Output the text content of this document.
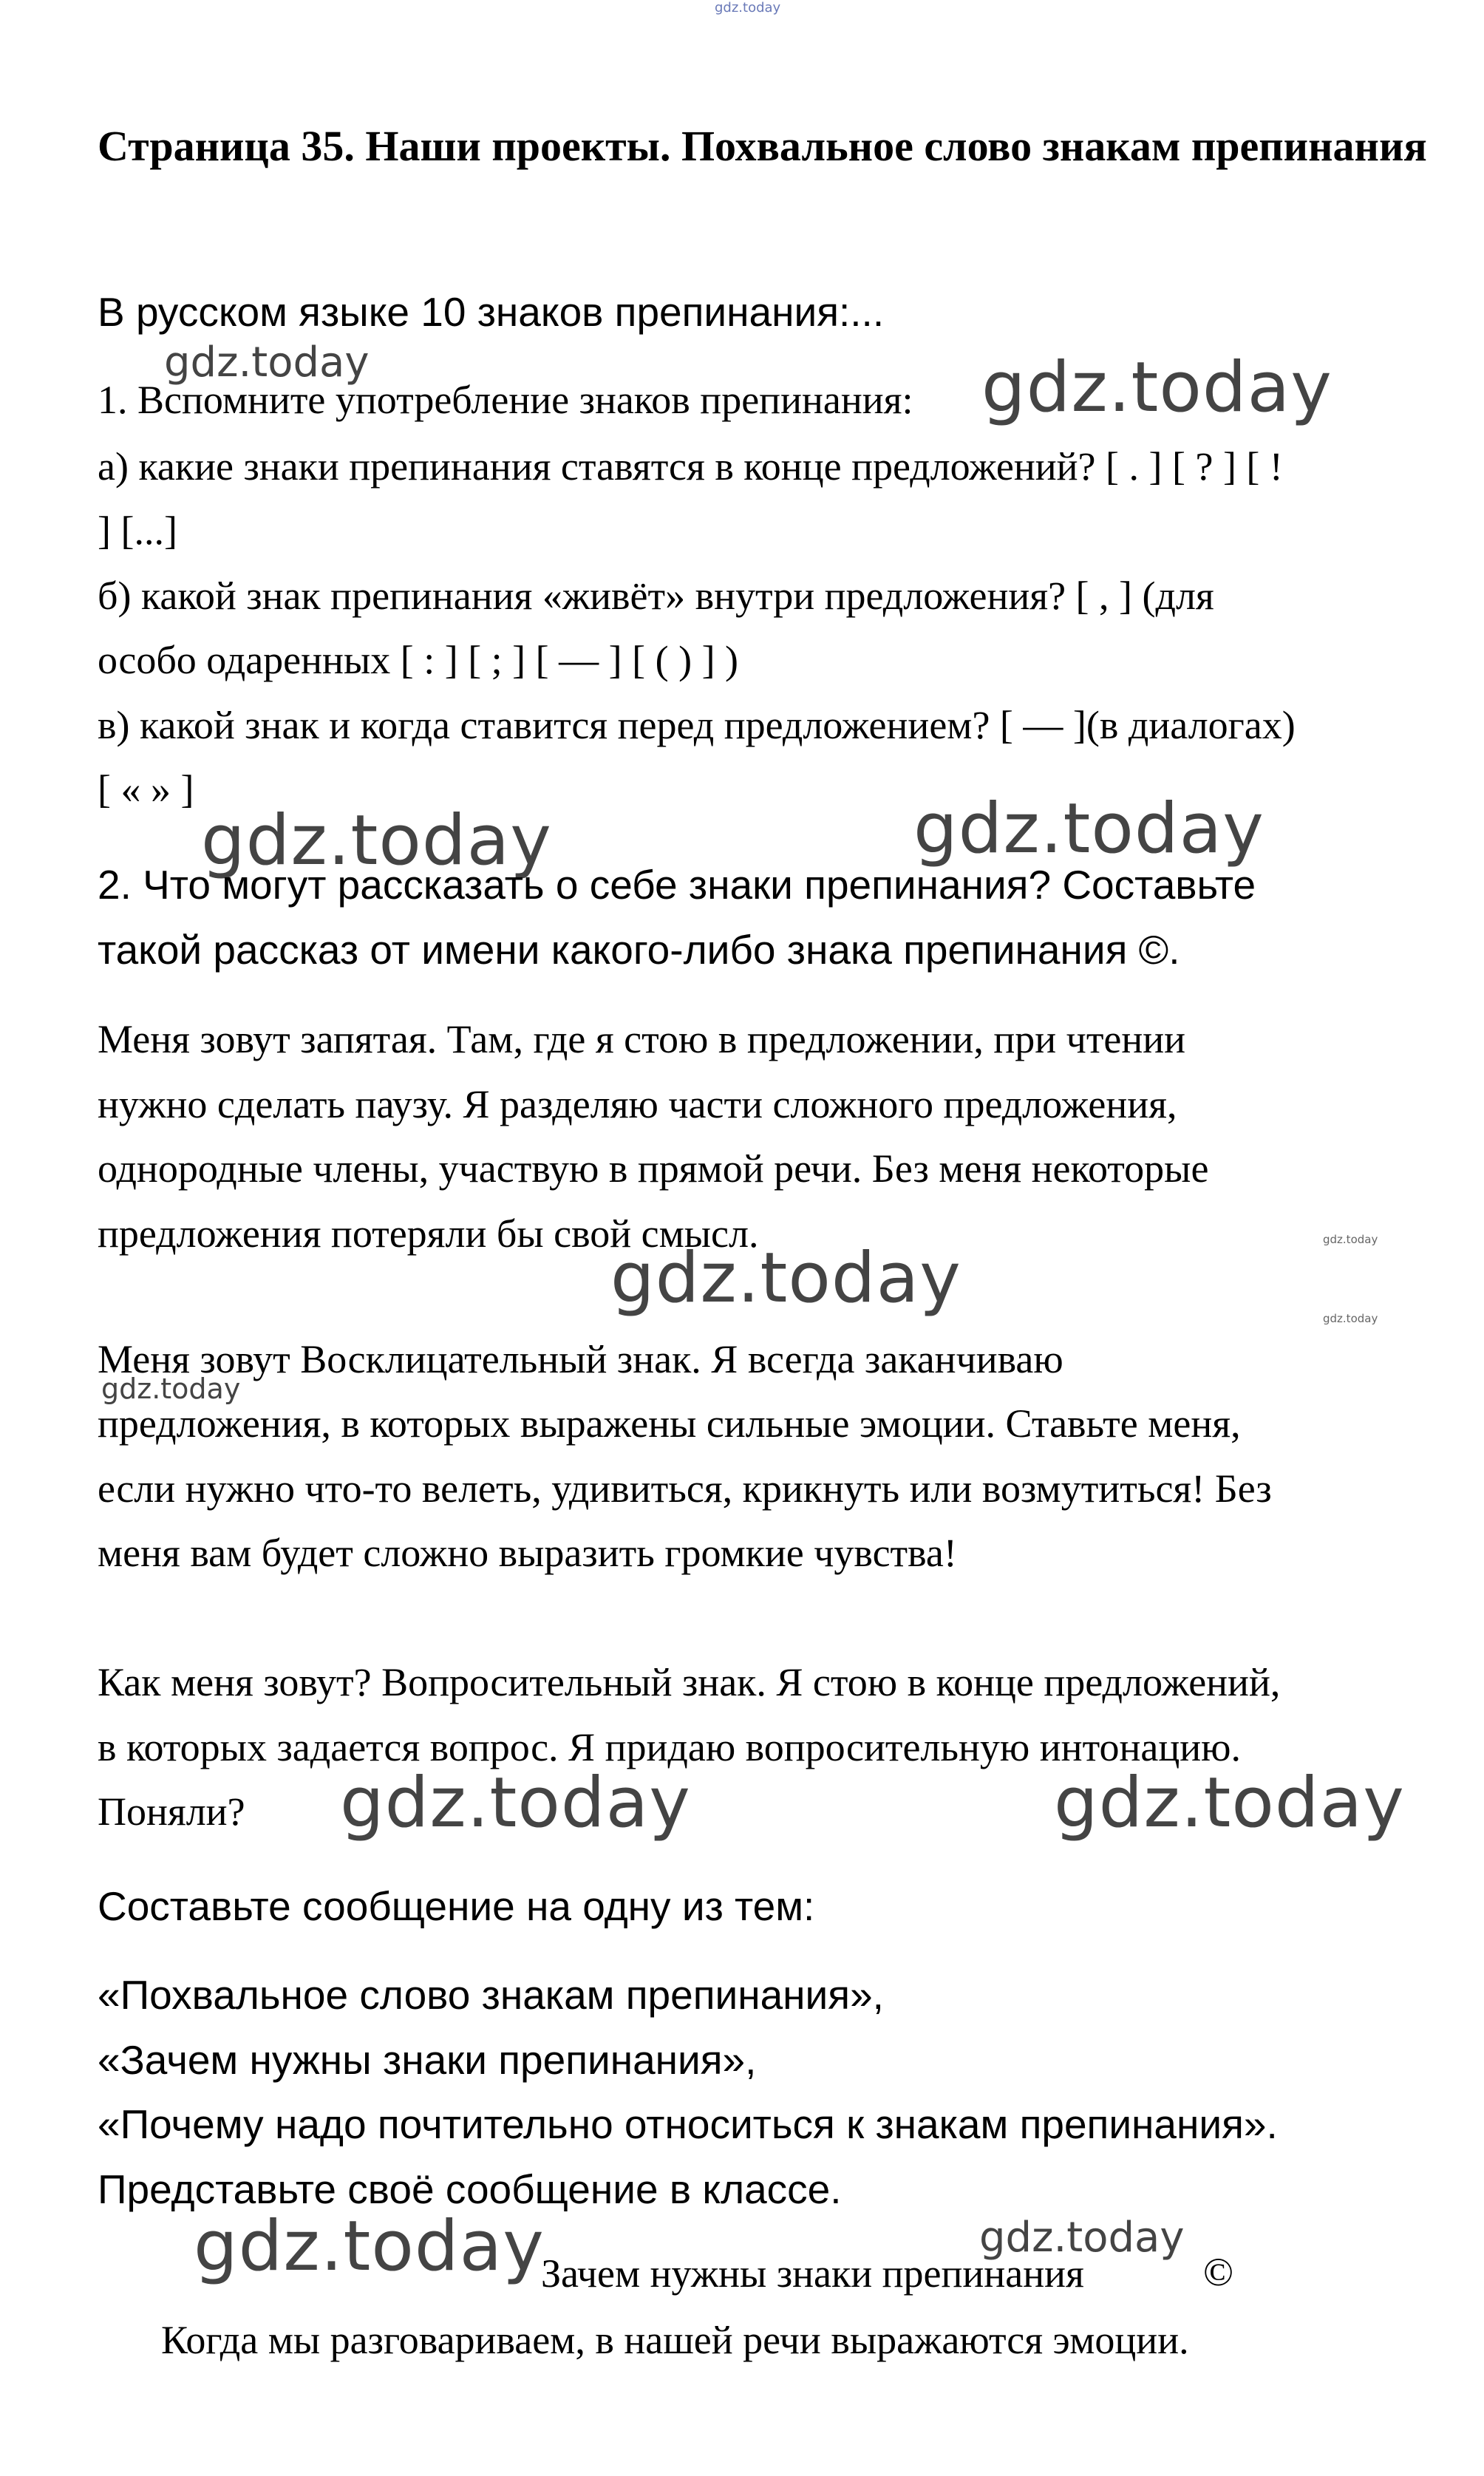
gdz.today
Страница 35. Наши проекты. Похвальное слово знакам препинания
В русском языке 10 знаков препинания:...
gdz.today
1. Вспомните употребление знаков препинания: gdz.today
а) какие знаки препинания ставятся в конце предложений? [ . ] [ ? ] [ !
] [...]
б) какой знак препинания «живёт» внутри предложения? [ , ] (для
особо одаренных [ : ] [ ; ] [ — ] [ ( ) ] )
в) какой знак и когда ставится перед предложением? [ — ](в диалогах)
[ « » ]
gdz.today	gdz.today
2. Что могут рассказать о себе знаки препинания? Составьте
такой рассказ от имени какого-либо знака препинания ©.
Меня зовут запятая. Там, где я стою в предложении, при чтении
нужно сделать паузу. Я разделяю части сложного предложения,
однородные члены, участвую в прямой речи. Без меня некоторые
предложения потеряли бы свой смысл.	gdz.today
gdz.today	gdz.today
Меня зовут Восклицательный знак. Я всегда заканчиваю
gdz.today
предложения, в которых выражены сильные эмоции. Ставьте меня,
если нужно что-то велеть, удивиться, крикнуть или возмутиться! Без
меня вам будет сложно выразить громкие чувства!
Как меня зовут? Вопросительный знак. Я стою в конце предложений,
в которых задается вопрос. Я придаю вопросительную интонацию.
Поняли? gdz.today	gdz.today
Составьте сообщение на одну из тем:
«Похвальное слово знакам препинания»,
«Зачем нужны знаки препинания»,
«Почему надо почтительно относиться к знакам препинания».
Представьте своё сообщение в классе.
gdz.today	gdz.today
Зачем нужны знаки препинания	©
Когда мы разговариваем, в нашей речи выражаются эмоции.
